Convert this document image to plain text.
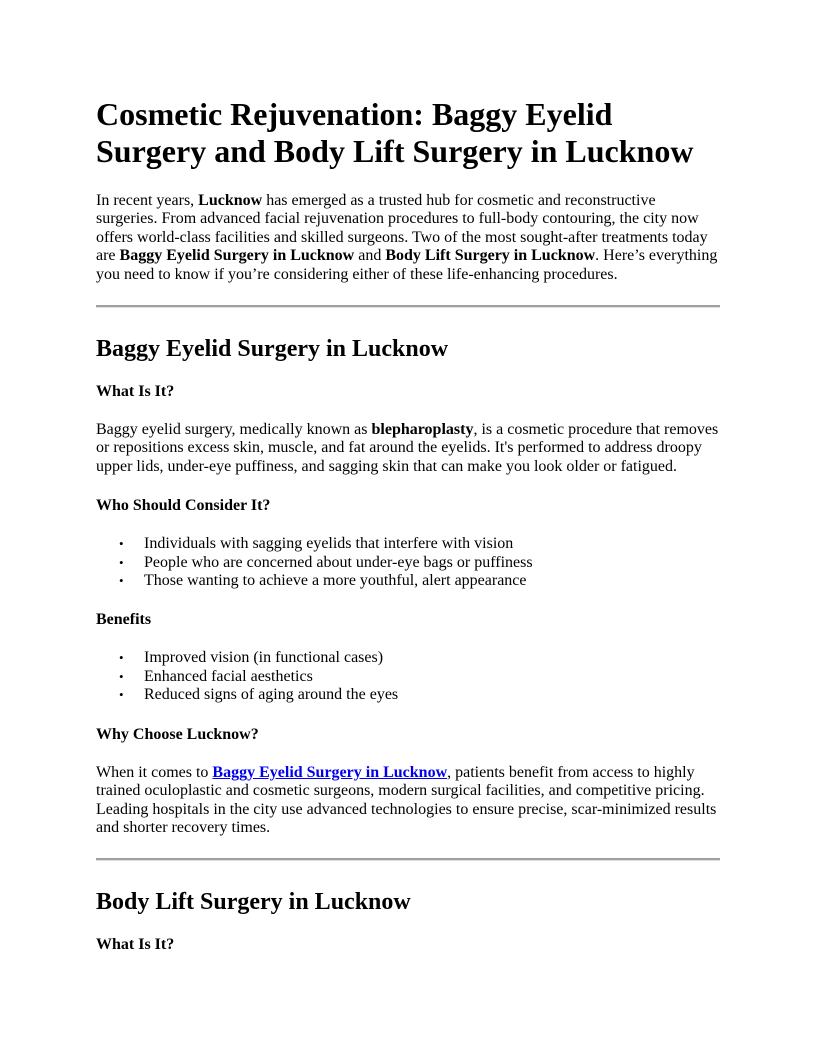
Cosmetic Rejuvenation: Baggy Eyelid Surgery and Body Lift Surgery in Lucknow

In recent years, Lucknow has emerged as a trusted hub for cosmetic and reconstructive surgeries. From advanced facial rejuvenation procedures to full-body contouring, the city now offers world-class facilities and skilled surgeons. Two of the most sought-after treatments today are Baggy Eyelid Surgery in Lucknow and Body Lift Surgery in Lucknow. Here’s everything you need to know if you’re considering either of these life-enhancing procedures.

Baggy Eyelid Surgery in Lucknow
What Is It?

Baggy eyelid surgery, medically known as blepharoplasty, is a cosmetic procedure that removes or repositions excess skin, muscle, and fat around the eyelids. It's performed to address droopy upper lids, under-eye puffiness, and sagging skin that can make you look older or fatigued.

Who Should Consider It?
• Individuals with sagging eyelids that interfere with vision
• People who are concerned about under-eye bags or puffiness
• Those wanting to achieve a more youthful, alert appearance
Benefits
• Improved vision (in functional cases)
• Enhanced facial aesthetics
• Reduced signs of aging around the eyes
Why Choose Lucknow?

When it comes to Baggy Eyelid Surgery in Lucknow, patients benefit from access to highly trained oculoplastic and cosmetic surgeons, modern surgical facilities, and competitive pricing. Leading hospitals in the city use advanced technologies to ensure precise, scar-minimized results and shorter recovery times.

Body Lift Surgery in Lucknow
What Is It?
